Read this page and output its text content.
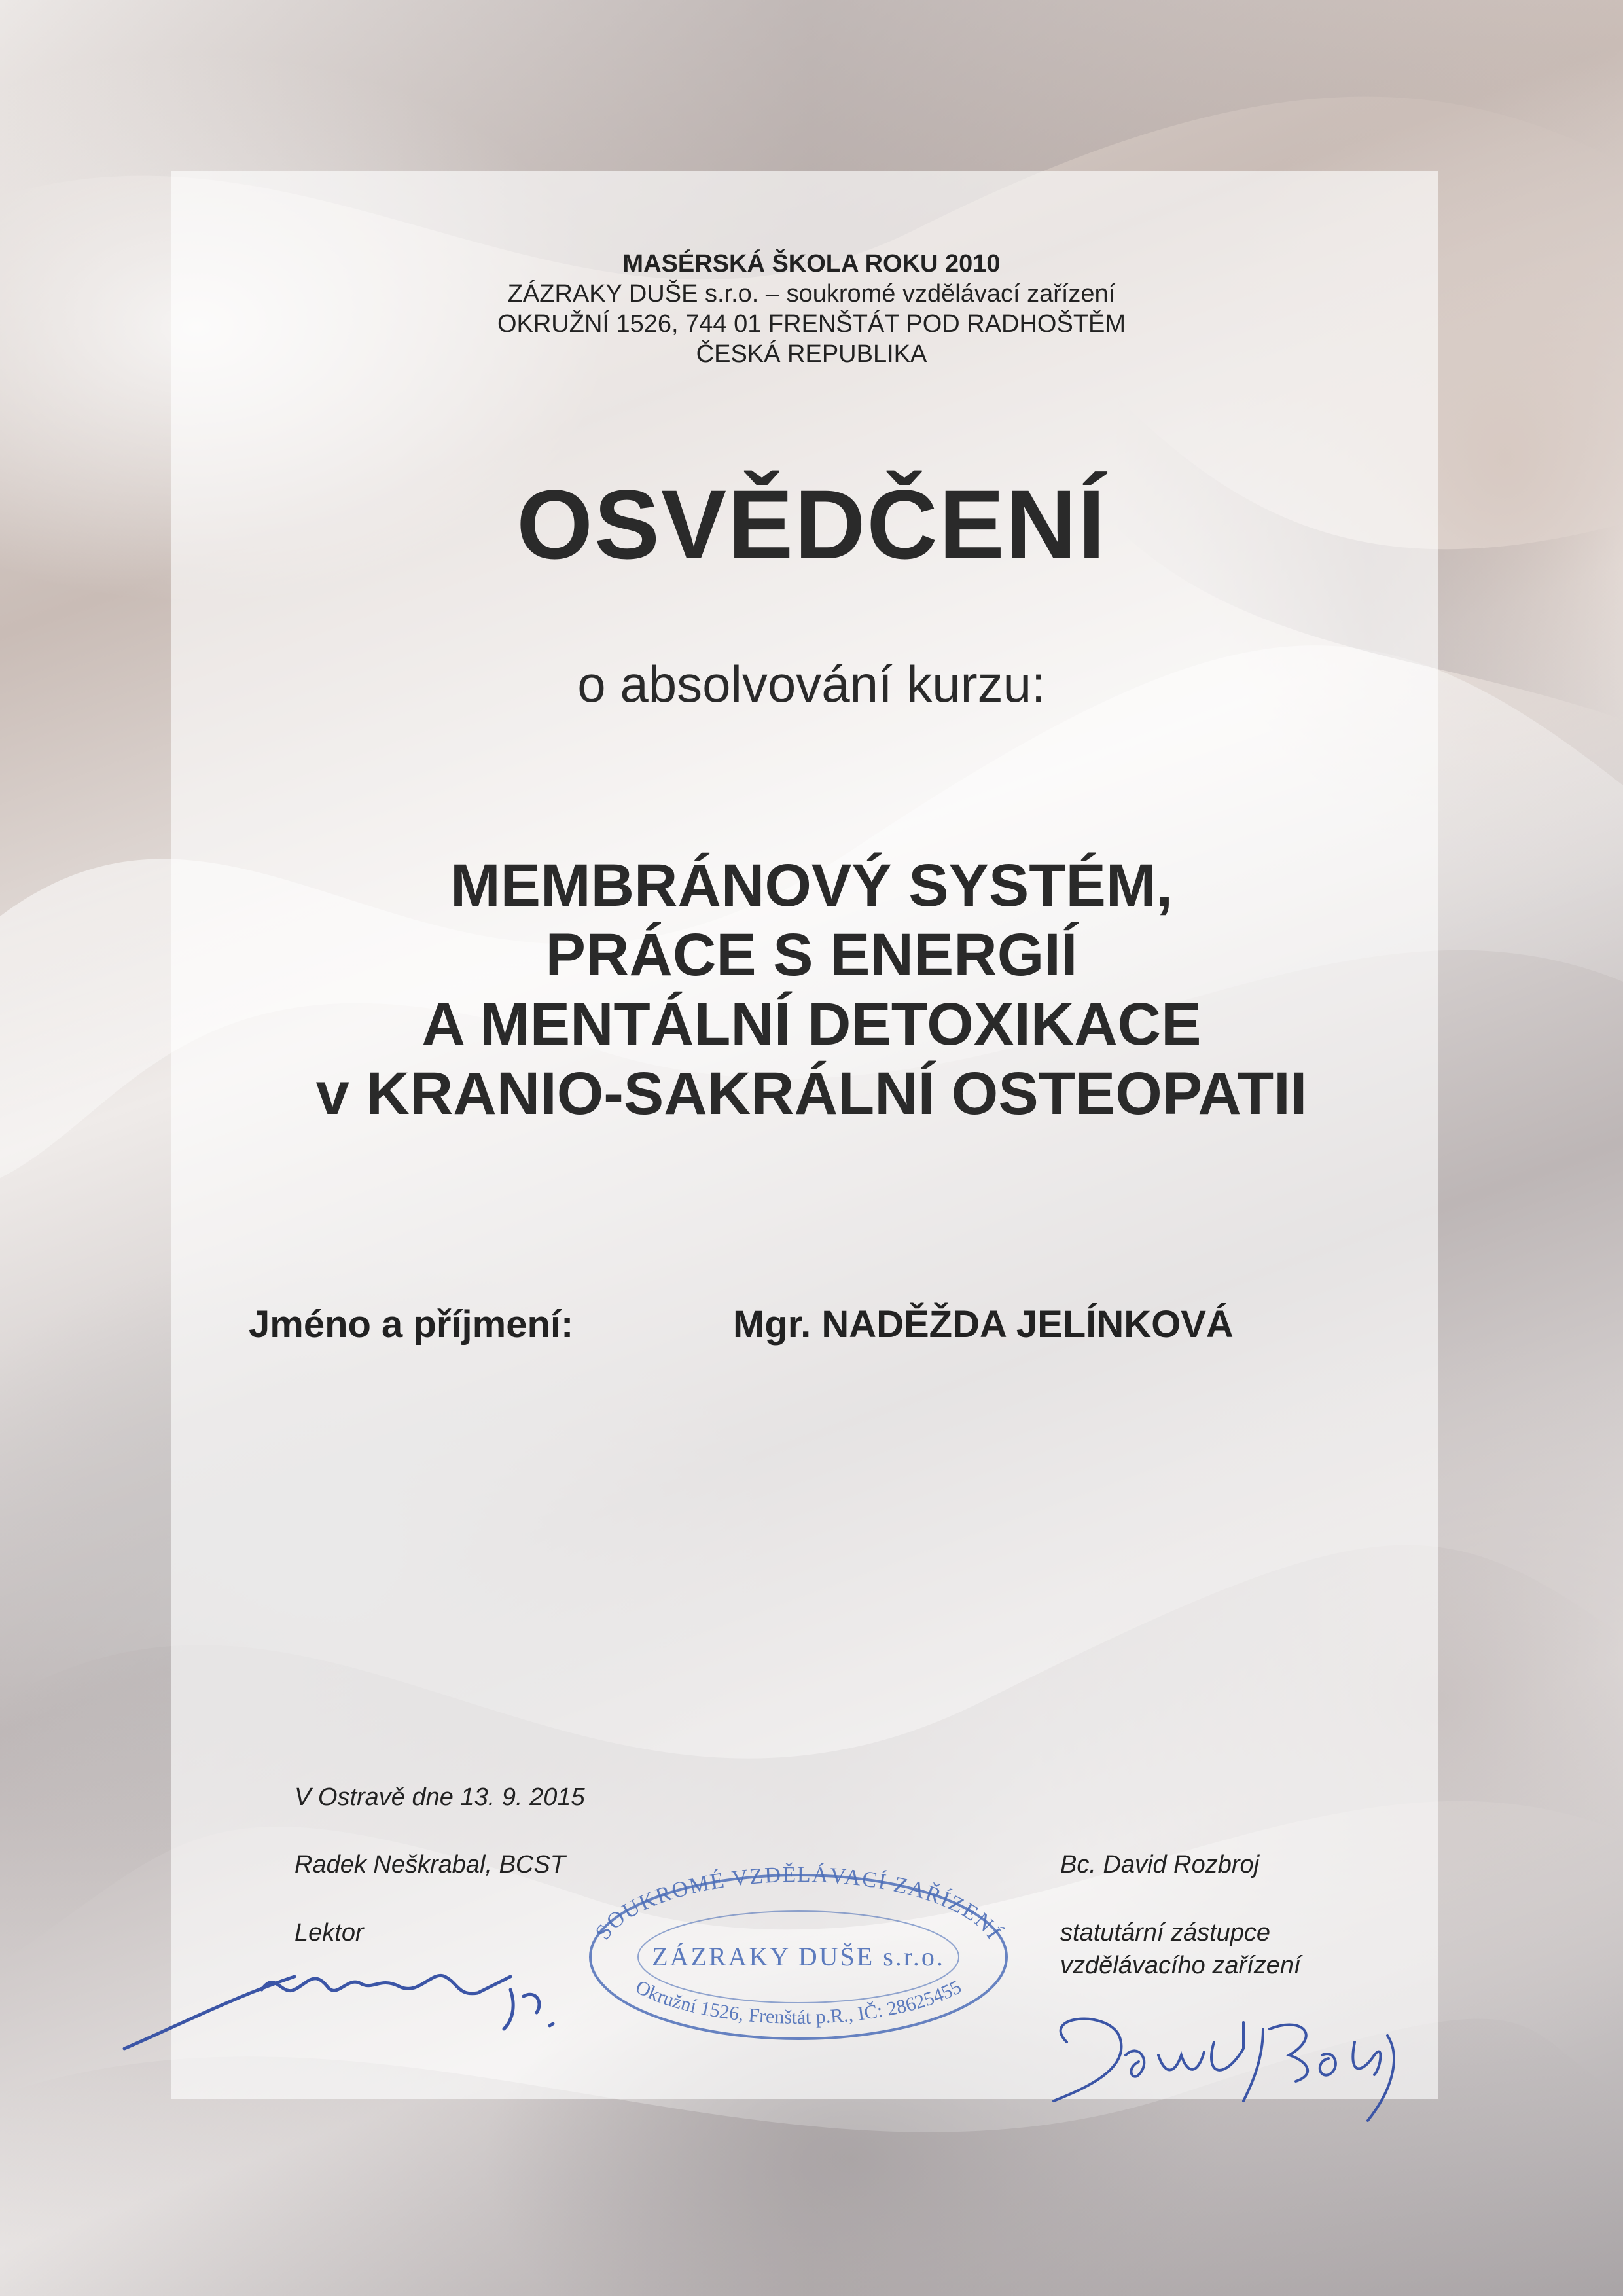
MASÉRSKÁ ŠKOLA ROKU 2010
ZÁZRAKY DUŠE s.r.o. – soukromé vzdělávací zařízení
OKRUŽNÍ 1526, 744 01 FRENŠTÁT POD RADHOŠTĚM
ČESKÁ REPUBLIKA
OSVĚDČENÍ
o absolvování kurzu:
MEMBRÁNOVÝ SYSTÉM,
PRÁCE S ENERGIÍ
A MENTÁLNÍ DETOXIKACE
v KRANIO-SAKRÁLNÍ OSTEOPATII
Jméno a příjmení:	Mgr. NADĚŽDA JELÍNKOVÁ
V Ostravě dne 13. 9. 2015
Radek Neškrabal, BCST
Lektor
Bc. David Rozbroj
statutární zástupce
vzdělávacího zařízení
SOUKROMÉ VZDĚLÁVACÍ ZAŘÍZENÍ
ZÁZRAKY DUŠE s.r.o.
Okružní 1526, Frenštát p.R., IČ: 28625455
